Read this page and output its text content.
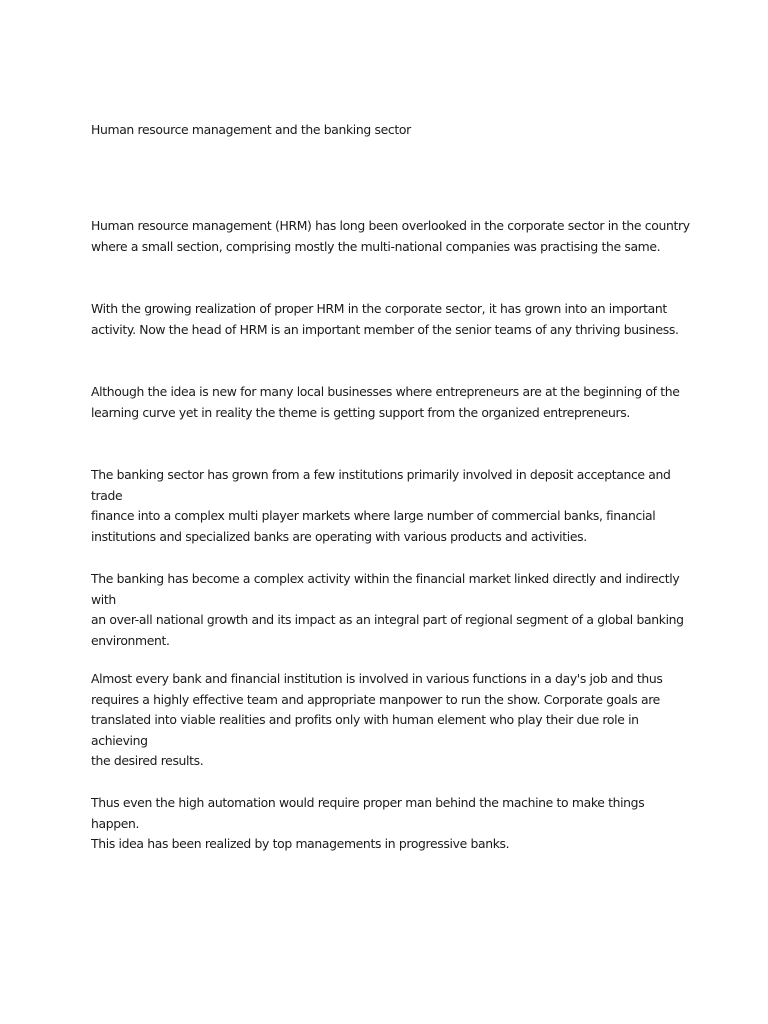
Human resource management and the banking sector

Human resource management (HRM) has long been overlooked in the corporate sector in the country
where a small section, comprising mostly the multi-national companies was practising the same.

With the growing realization of proper HRM in the corporate sector, it has grown into an important
activity. Now the head of HRM is an important member of the senior teams of any thriving business.

Although the idea is new for many local businesses where entrepreneurs are at the beginning of the
learning curve yet in reality the theme is getting support from the organized entrepreneurs.

The banking sector has grown from a few institutions primarily involved in deposit acceptance and trade
finance into a complex multi player markets where large number of commercial banks, financial
institutions and specialized banks are operating with various products and activities.

The banking has become a complex activity within the financial market linked directly and indirectly with
an over-all national growth and its impact as an integral part of regional segment of a global banking
environment.

Almost every bank and financial institution is involved in various functions in a day's job and thus
requires a highly effective team and appropriate manpower to run the show. Corporate goals are
translated into viable realities and profits only with human element who play their due role in achieving
the desired results.

Thus even the high automation would require proper man behind the machine to make things happen.
This idea has been realized by top managements in progressive banks.
